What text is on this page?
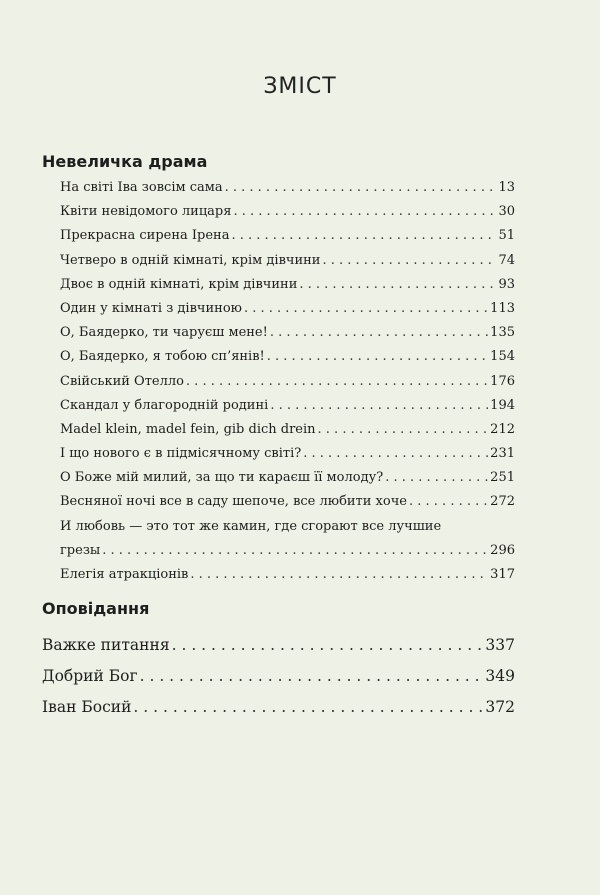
ЗМІСТ
Невеличка драма
На світі Іва зовсім сама . . .	13
Квіти невідомого лицаря . . .	30
Прекрасна сирена Ірена . . .	51
Четверо в одній кімнаті, крім дівчини . . .	74
Двоє в одній кімнаті, крім дівчини . . .	93
Один у кімнаті з дівчиною . . .	113
О, Баядерко, ти чаруєш мене! . . .	135
О, Баядерко, я тобою сп’янів! . . .	154
Свійський Отелло . . .	176
Скандал у благородній родині . . .	194
Madel klein, madel fein, gib dich drein . . .	212
І що нового є в підмісячному світі? . . .	231
О Боже мій милий, за що ти караєш її молоду? . . .	251
Весняної ночі все в саду шепоче, все любити хоче . . .	272
И любовь — это тот же камин, где сгорают все лучшие
грезы . . .	296
Елегія атракціонів . . .	317
Оповідання
Важке питання . . .	337
Добрий Бог . . .	349
Іван Босий . . .	372
